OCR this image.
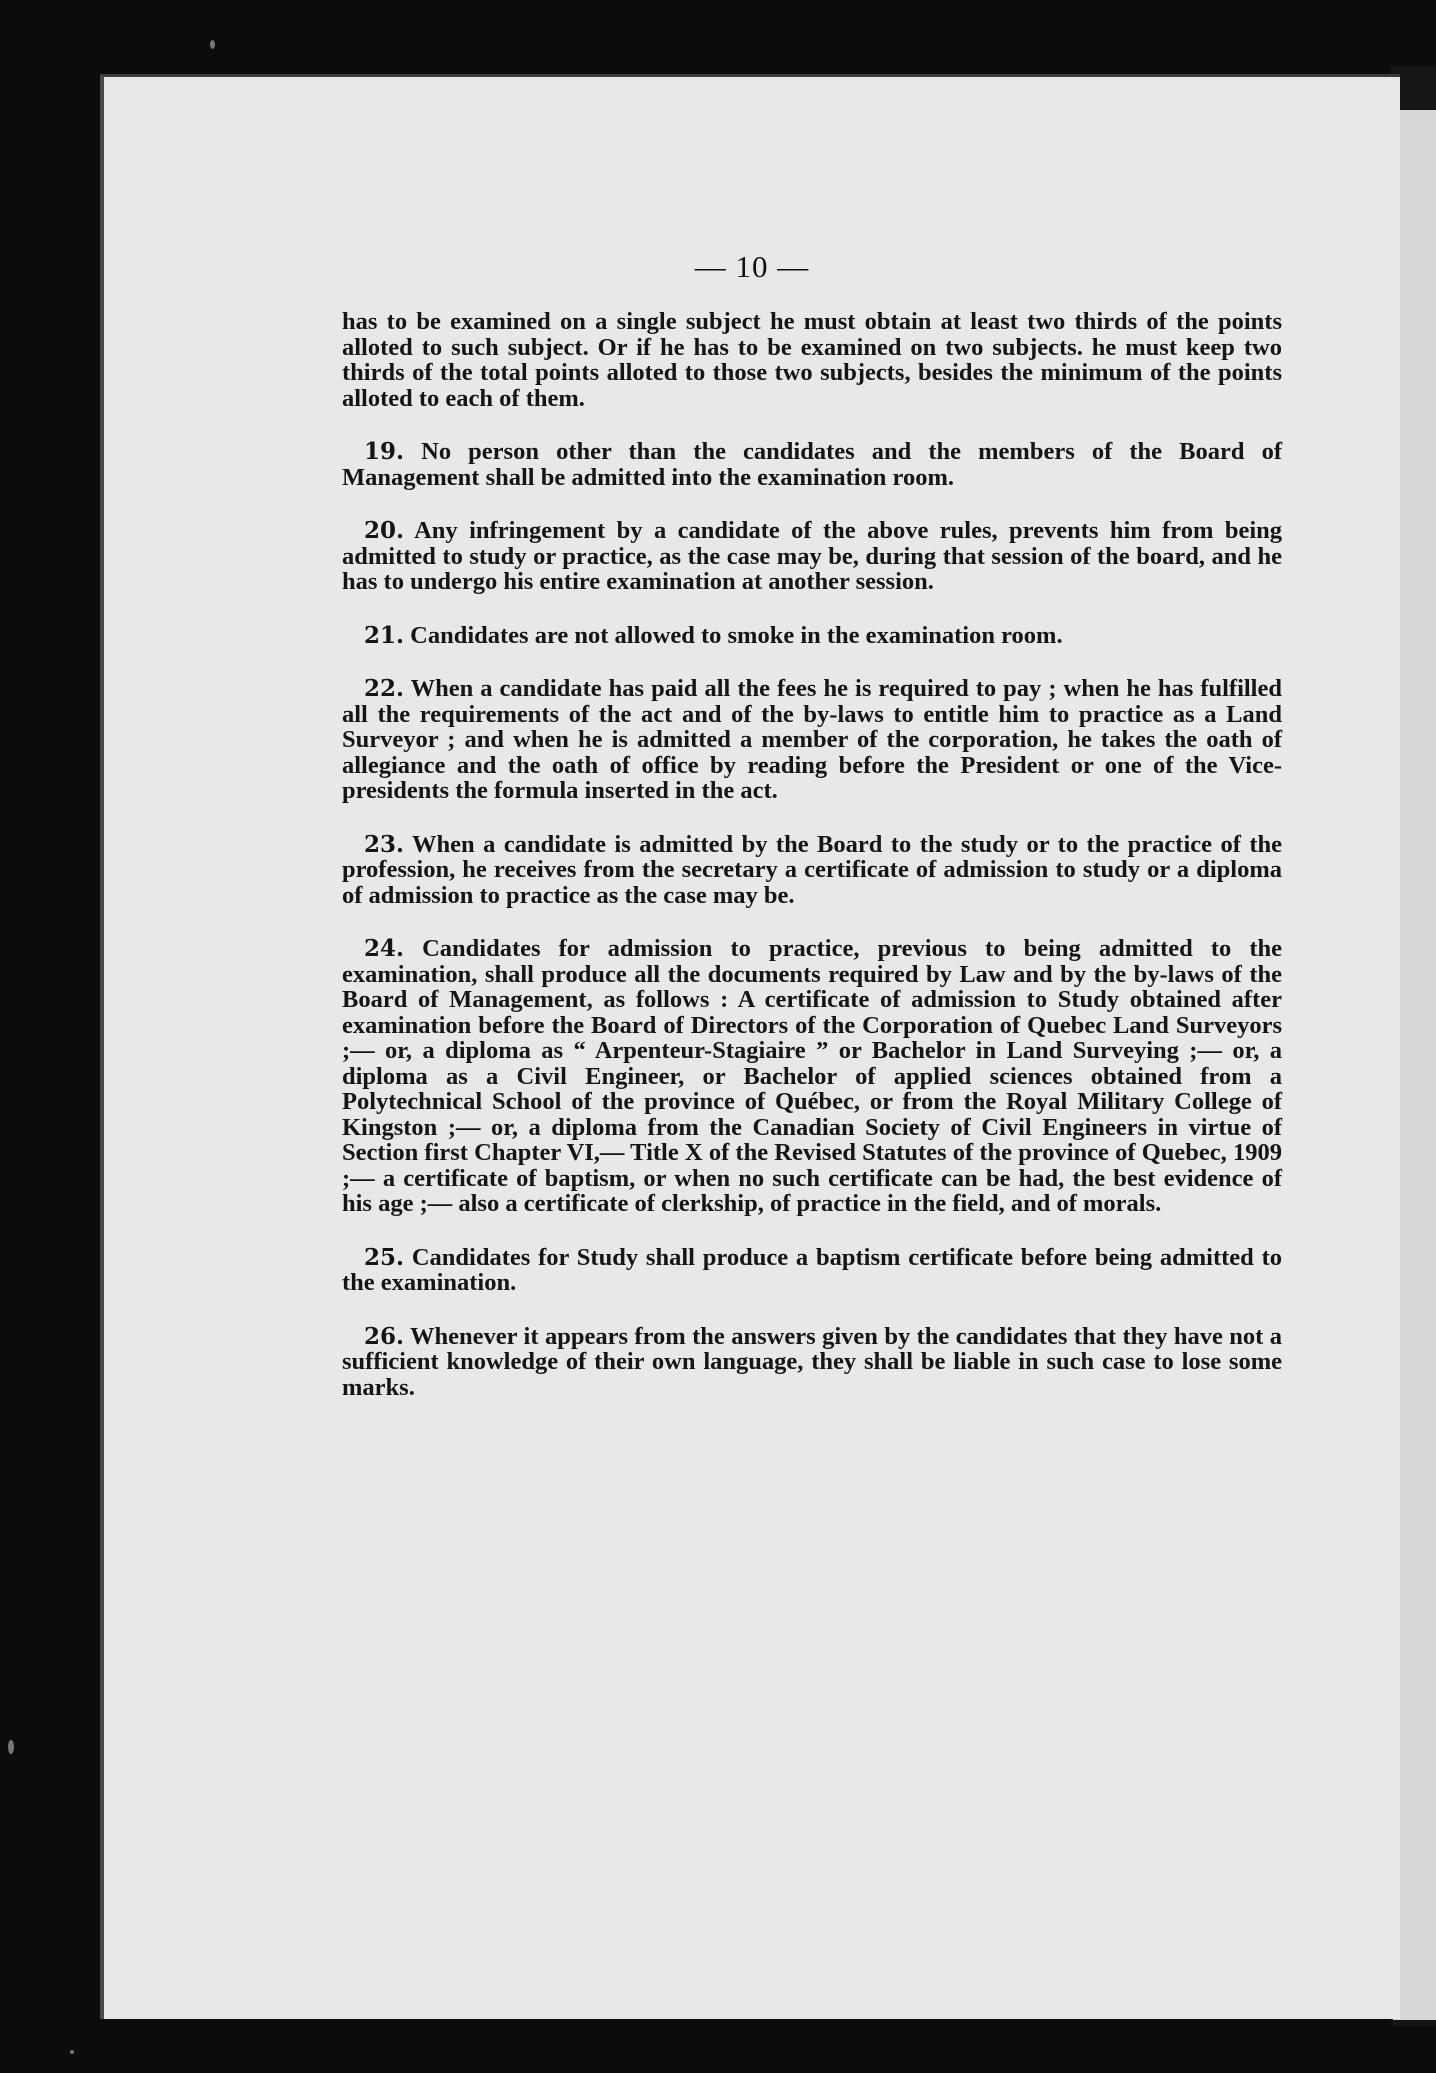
— 10 —

has to be examined on a single subject he must obtain at least two thirds of the points alloted to such subject. Or if he has to be examined on two subjects. he must keep two thirds of the total points alloted to those two subjects, besides the minimum of the points alloted to each of them.

19. No person other than the candidates and the members of the Board of Management shall be admitted into the examination room.

20. Any infringement by a candidate of the above rules, prevents him from being admitted to study or practice, as the case may be, during that session of the board, and he has to undergo his entire examination at another session.

21. Candidates are not allowed to smoke in the examination room.

22. When a candidate has paid all the fees he is required to pay ; when he has fulfilled all the requirements of the act and of the by-laws to entitle him to practice as a Land Surveyor ; and when he is admitted a member of the corporation, he takes the oath of allegiance and the oath of office by reading before the President or one of the Vice-presidents the formula inserted in the act.

23. When a candidate is admitted by the Board to the study or to the practice of the profession, he receives from the secretary a certificate of admission to study or a diploma of admission to practice as the case may be.

24. Candidates for admission to practice, previous to being admitted to the examination, shall produce all the documents required by Law and by the by-laws of the Board of Management, as follows : A certificate of admission to Study obtained after examination before the Board of Directors of the Corporation of Quebec Land Surveyors ;— or, a diploma as “ Arpenteur-Stagiaire ” or Bachelor in Land Surveying ;— or, a diploma as a Civil Engineer, or Bachelor of applied sciences obtained from a Polytechnical School of the province of Québec, or from the Royal Military College of Kingston ;— or, a diploma from the Canadian Society of Civil Engineers in virtue of Section first Chapter VI,— Title X of the Revised Statutes of the province of Quebec, 1909 ;— a certificate of baptism, or when no such certificate can be had, the best evidence of his age ;— also a certificate of clerkship, of practice in the field, and of morals.

25. Candidates for Study shall produce a baptism certificate before being admitted to the examination.

26. Whenever it appears from the answers given by the candidates that they have not a sufficient knowledge of their own language, they shall be liable in such case to lose some marks.
